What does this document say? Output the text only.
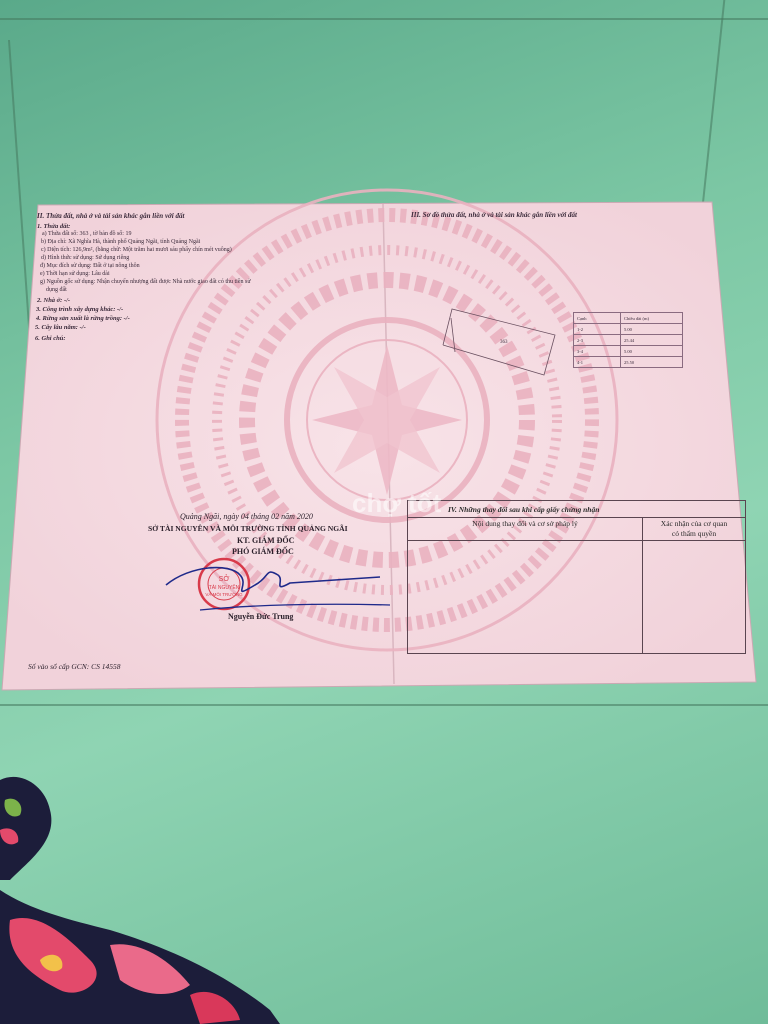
II. Thửa đất, nhà ở và tài sản khác gắn liền với đất
1. Thửa đất:
a) Thửa đất số: 363 , tờ bản đồ số: 19
b) Địa chỉ: Xã Nghĩa Hà, thành phố Quảng Ngãi, tỉnh Quảng Ngãi
c) Diện tích: 126,9m², (bằng chữ: Một trăm hai mươi sáu phẩy chín mét vuông)
d) Hình thức sử dụng: Sử dụng riêng
đ) Mục đích sử dụng: Đất ở tại nông thôn
e) Thời hạn sử dụng: Lâu dài
g) Nguồn gốc sử dụng: Nhận chuyển nhượng đất được Nhà nước giao đất có thu tiền sử
dụng đất
2. Nhà ở: -/-
3. Công trình xây dựng khác: -/-
4. Rừng sản xuất là rừng trồng: -/-
5. Cây lâu năm: -/-
6. Ghi chú:
Quảng Ngãi, ngày 04 tháng 02 năm 2020
SỞ TÀI NGUYÊN VÀ MÔI TRƯỜNG TỈNH QUẢNG NGÃI
KT. GIÁM ĐỐC
PHÓ GIÁM ĐỐC
SỞ
TÀI NGUYÊN
VÀ MÔI TRƯỜNG
Nguyễn Đức Trung
Số vào sổ cấp GCN: CS 14558
III. Sơ đồ thửa đất, nhà ở và tài sản khác gắn liền với đất
363
Cạnh	Chiều dài (m)
1-2	5.00
2-3	25.44
3-4	5.00
4-1	25.50
IV. Những thay đổi sau khi cấp giấy chứng nhận	
Nội dung thay đổi và cơ sở pháp lý	Xác nhận của cơ quan
có thẩm quyền

chợ tốt
